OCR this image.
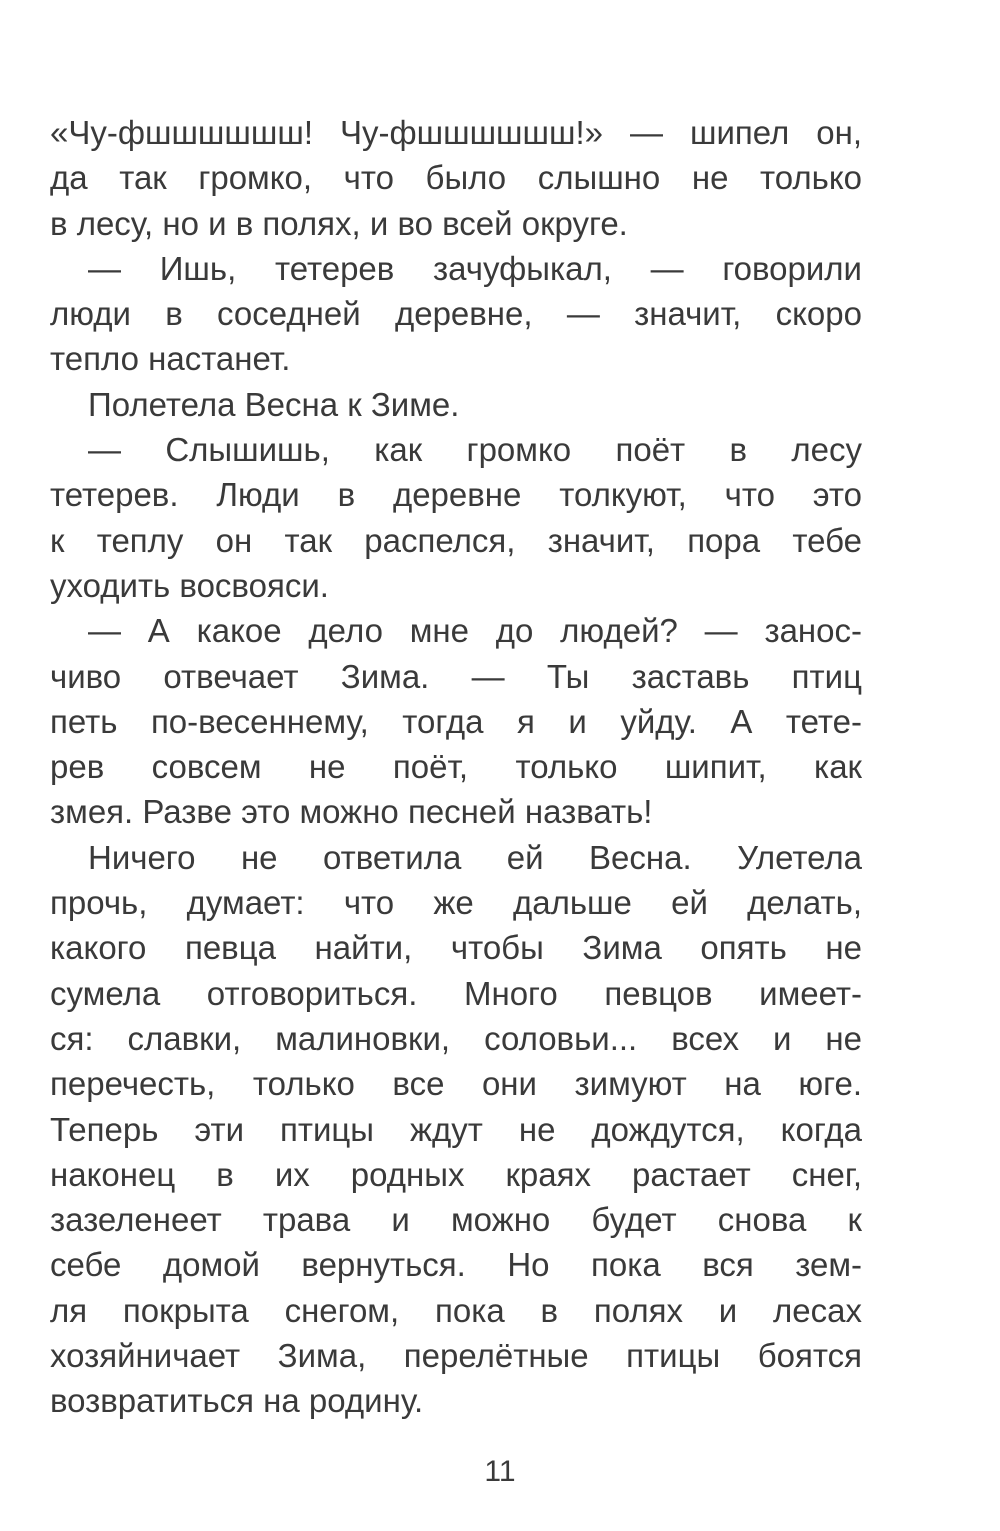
«Чу-фшшшшшш! Чу-фшшшшшш!» — шипел он,
да так громко, что было слышно не только
в лесу, но и в полях, и во всей округе.
— Ишь, тетерев зачуфыкал, — говорили
люди в соседней деревне, — значит, скоро
тепло настанет.
Полетела Весна к Зиме.
— Слышишь, как громко поёт в лесу
тетерев. Люди в деревне толкуют, что это
к теплу он так распелся, значит, пора тебе
уходить восвояси.
— А какое дело мне до людей? — занос-
чиво отвечает Зима. — Ты заставь птиц
петь по-весеннему, тогда я и уйду. А тете-
рев совсем не поёт, только шипит, как
змея. Разве это можно песней назвать!
Ничего не ответила ей Весна. Улетела
прочь, думает: что же дальше ей делать,
какого певца найти, чтобы Зима опять не
сумела отговориться. Много певцов имеет-
ся: славки, малиновки, соловьи... всех и не
перечесть, только все они зимуют на юге.
Теперь эти птицы ждут не дождутся, когда
наконец в их родных краях растает снег,
зазеленеет трава и можно будет снова к
себе домой вернуться. Но пока вся зем-
ля покрыта снегом, пока в полях и лесах
хозяйничает Зима, перелётные птицы боятся
возвратиться на родину.
11
